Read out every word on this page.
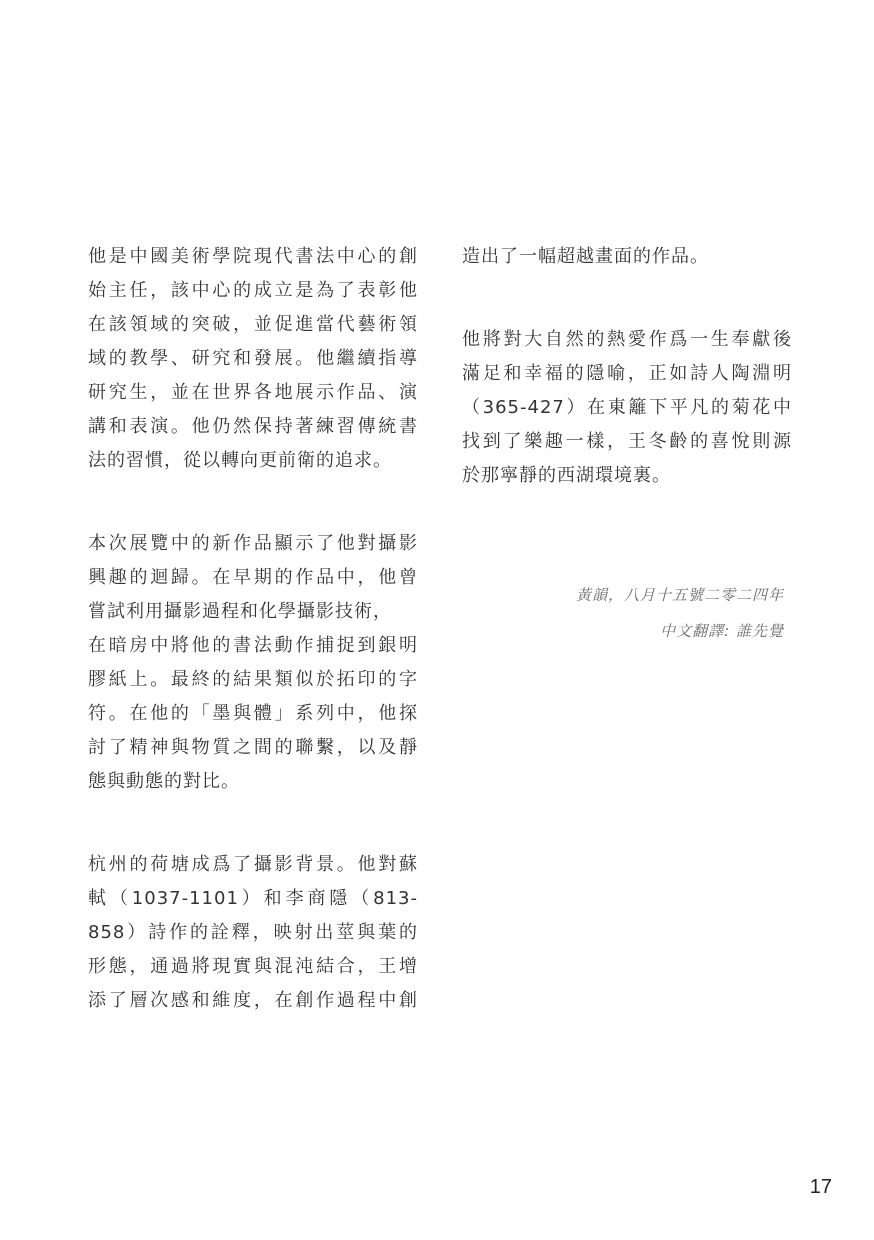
他是中國美術學院現代書法中心的創
始主任，該中心的成立是為了表彰他
在該領域的突破，並促進當代藝術領
域的教學、研究和發展。他繼續指導
研究生，並在世界各地展示作品、演
講和表演。他仍然保持著練習傳統書
法的習慣，從以轉向更前衛的追求。
本次展覽中的新作品顯示了他對攝影
興趣的迴歸。在早期的作品中，他曾
嘗試利用攝影過程和化學攝影技術，
在暗房中將他的書法動作捕捉到銀明
膠紙上。最終的結果類似於拓印的字
符。在他的「墨與體」系列中，他探
討了精神與物質之間的聯繫，以及靜
態與動態的對比。
杭州的荷塘成爲了攝影背景。他對蘇
軾（1037-1101）和李商隱（813-
858）詩作的詮釋，映射出莖與葉的
形態，通過將現實與混沌結合，王增
添了層次感和維度，在創作過程中創
造出了一幅超越畫面的作品。
他將對大自然的熱愛作爲一生奉獻後
滿足和幸福的隱喻，正如詩人陶淵明
（365-427）在東籬下平凡的菊花中
找到了樂趣一樣，王冬齡的喜悅則源
於那寧靜的西湖環境裏。
黃韻，八月十五號二零二四年
中文翻譯: 誰先覺
17
